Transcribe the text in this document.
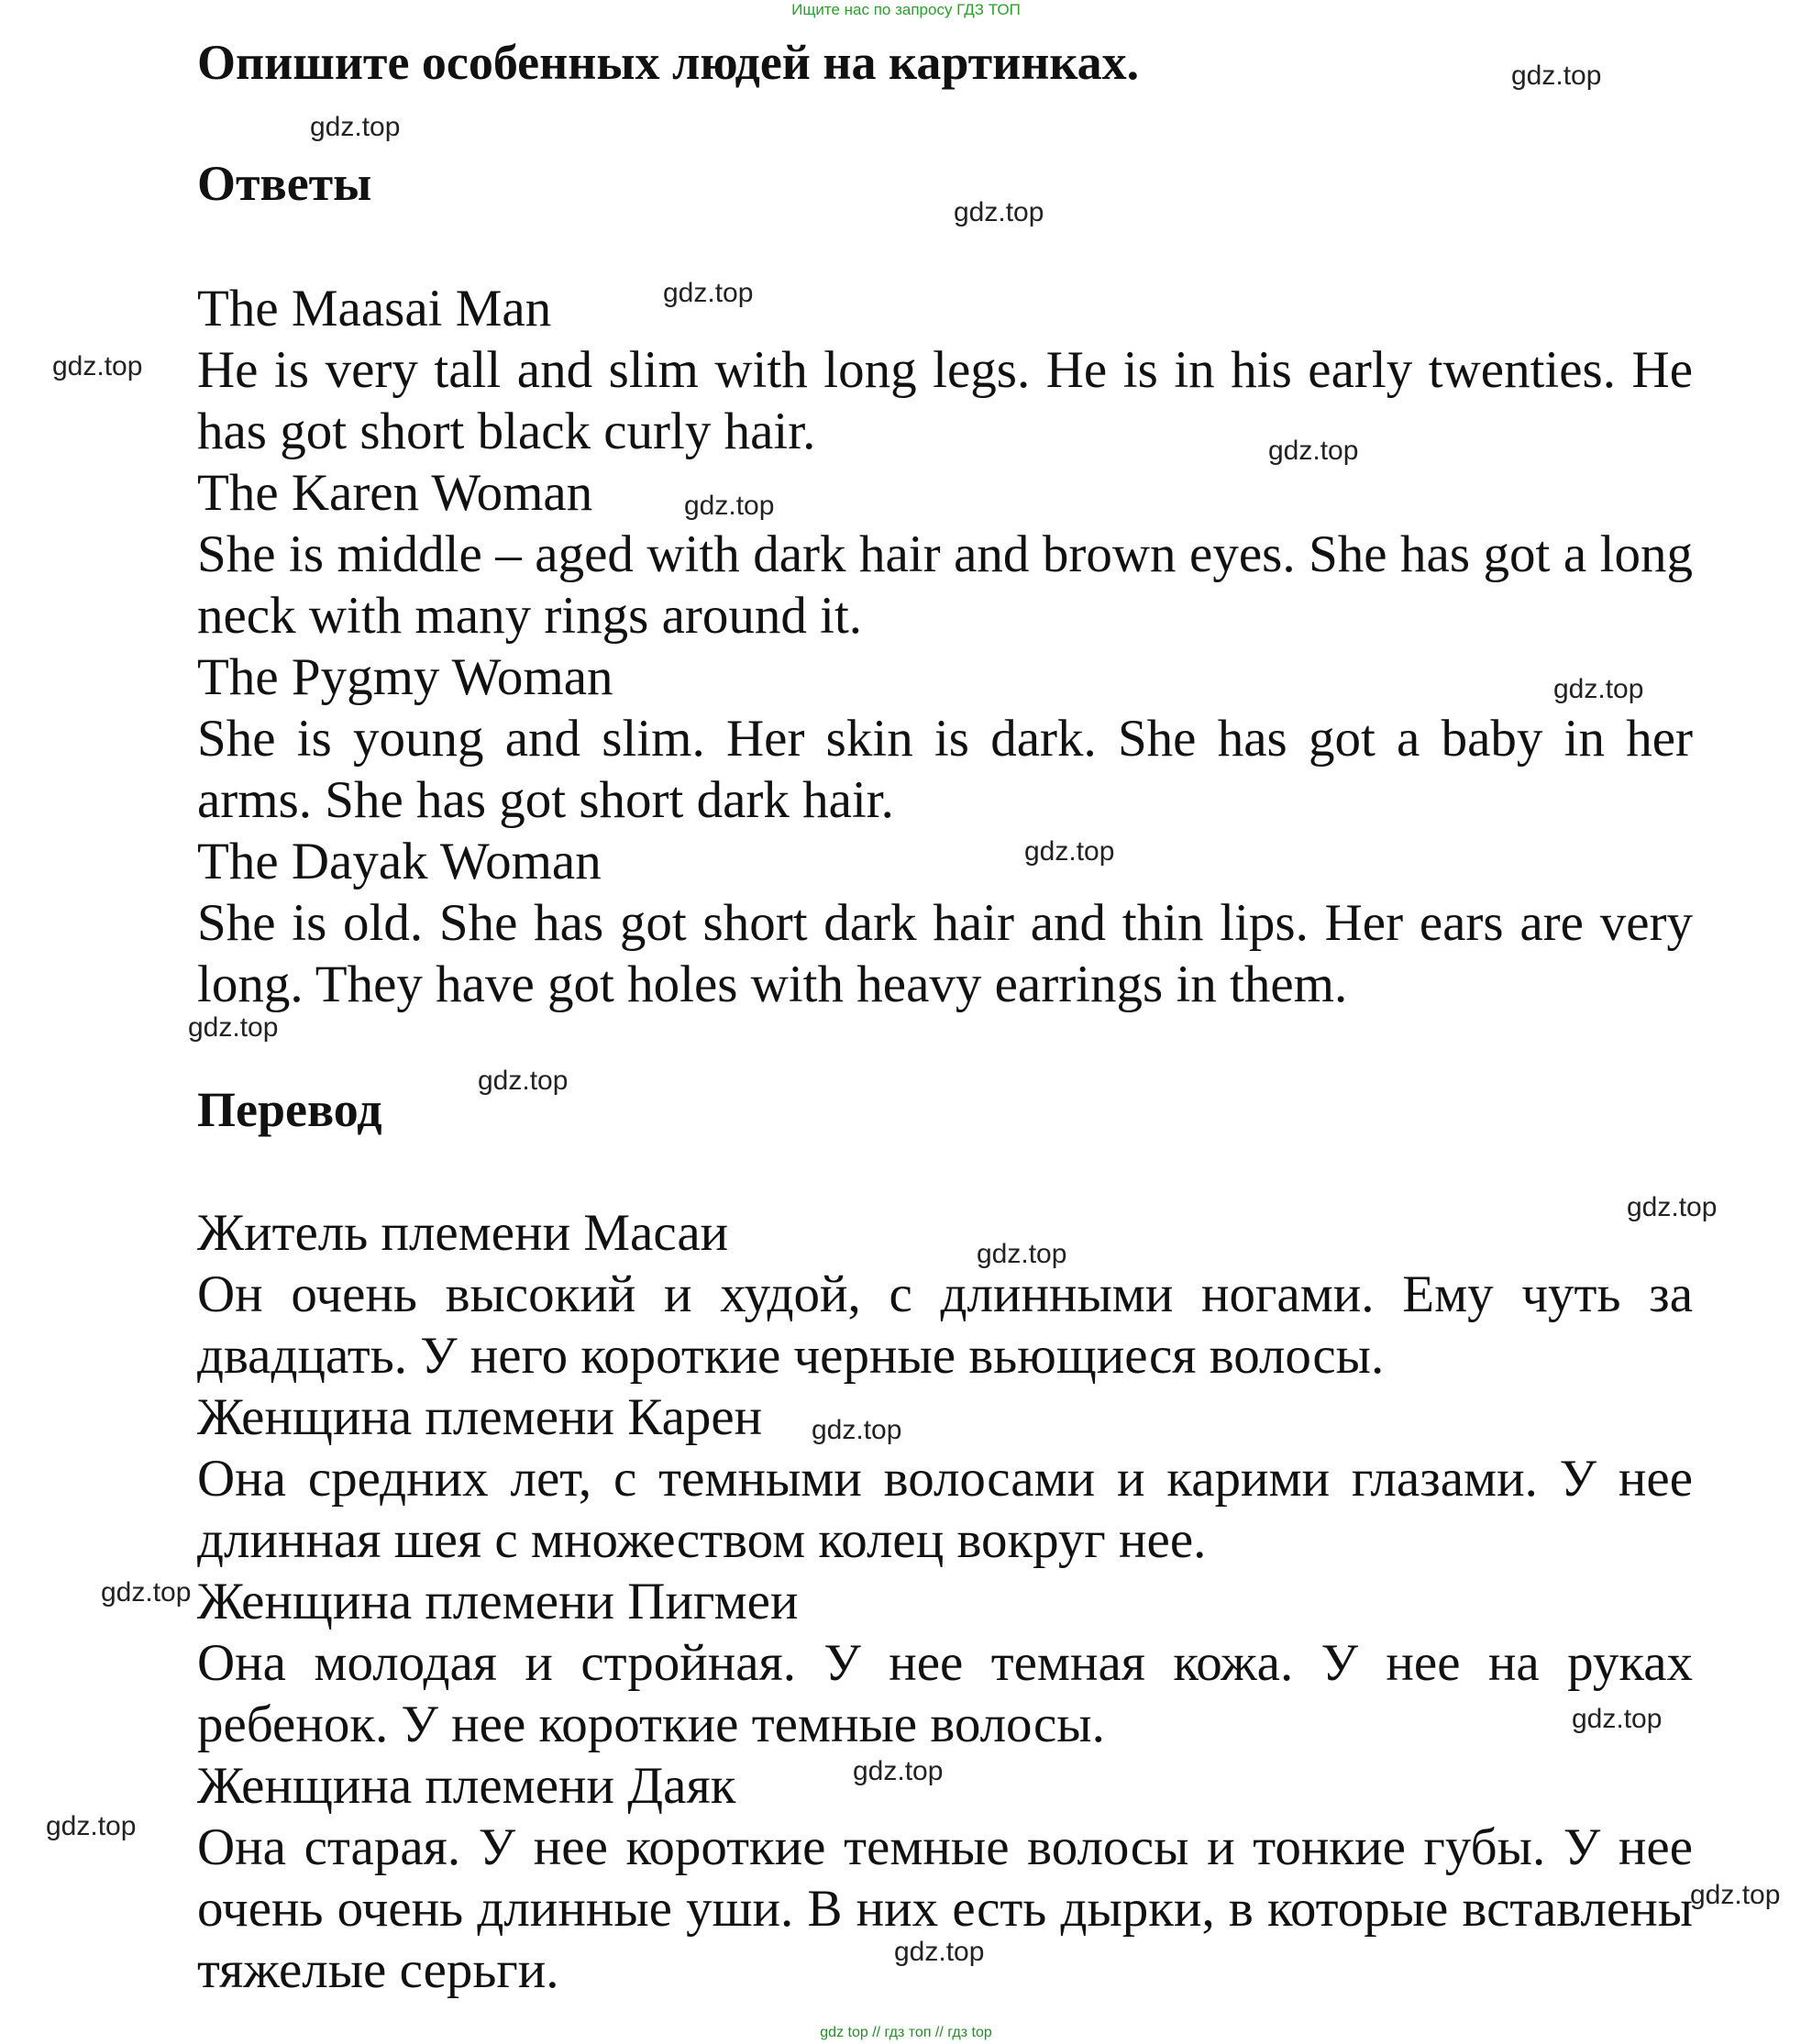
Ищите нас по запросу ГДЗ ТОП
Опишите особенных людей на картинках.
Ответы
The Maasai Man
He is very tall and slim with long legs. He is in his early twenties. He has got short black curly hair.
The Karen Woman
She is middle – aged with dark hair and brown eyes. She has got a long neck with many rings around it.
The Pygmy Woman
She is young and slim. Her skin is dark. She has got a baby in her arms. She has got short dark hair.
The Dayak Woman
She is old. She has got short dark hair and thin lips. Her ears are very long. They have got holes with heavy earrings in them.
Перевод
Житель племени Масаи
Он очень высокий и худой, с длинными ногами. Ему чуть за двадцать. У него короткие черные вьющиеся волосы.
Женщина племени Карен
Она средних лет, с темными волосами и карими глазами. У нее длинная шея с множеством колец вокруг нее.
Женщина племени Пигмеи
Она молодая и стройная. У нее темная кожа. У нее на руках ребенок. У нее короткие темные волосы.
Женщина племени Даяк
Она старая. У нее короткие темные волосы и тонкие губы. У нее очень очень длинные уши. В них есть дырки, в которые вставлены тяжелые серьги.
gdz.top
gdz.top
gdz.top
gdz.top
gdz.top
gdz.top
gdz.top
gdz.top
gdz.top
gdz.top
gdz.top
gdz.top
gdz.top
gdz.top
gdz.top
gdz.top
gdz.top
gdz.top
gdz.top
gdz.top
gdz top // гдз топ // гдз top
